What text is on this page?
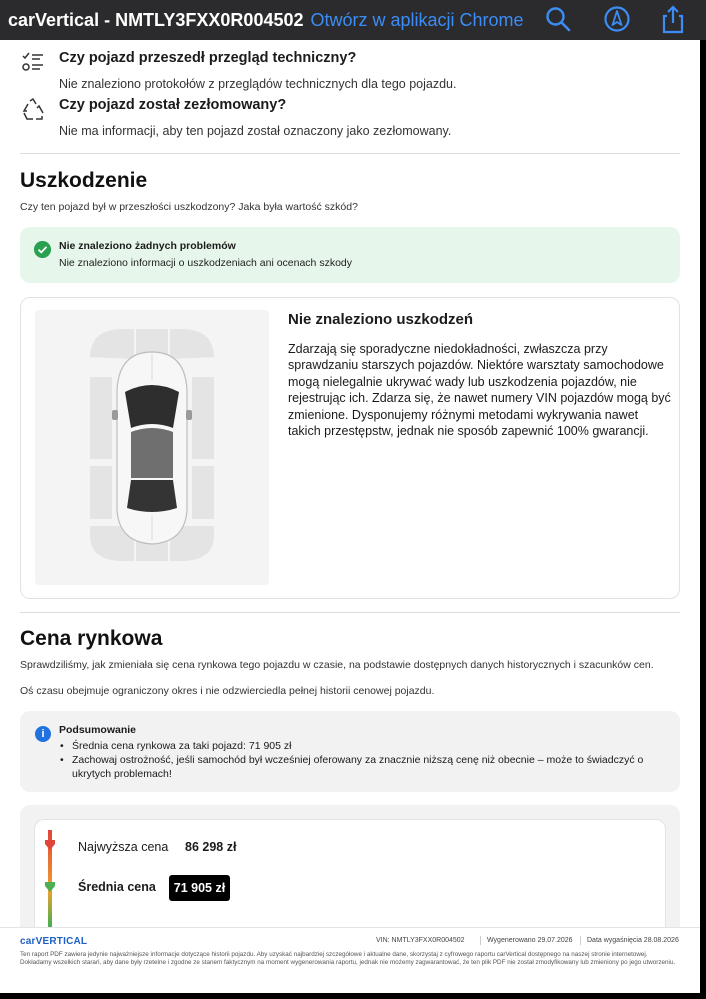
carVertical - NMTLY3FXX0R004502 Otwórz w aplikacji Chrome
Czy pojazd przeszedł przegląd techniczny?
Nie znaleziono protokołów z przeglądów technicznych dla tego pojazdu.
Czy pojazd został zezłomowany?
Nie ma informacji, aby ten pojazd został oznaczony jako zezłomowany.
Uszkodzenie
Czy ten pojazd był w przeszłości uszkodzony? Jaka była wartość szkód?
Nie znaleziono żadnych problemów
Nie znaleziono informacji o uszkodzeniach ani ocenach szkody
Nie znaleziono uszkodzeń
Zdarzają się sporadyczne niedokładności, zwłaszcza przy sprawdzaniu starszych pojazdów. Niektóre warsztaty samochodowe mogą nielegalnie ukrywać wady lub uszkodzenia pojazdów, nie rejestrując ich. Zdarza się, że nawet numery VIN pojazdów mogą być zmienione. Dysponujemy różnymi metodami wykrywania nawet takich przestępstw, jednak nie sposób zapewnić 100% gwarancji.
Cena rynkowa
Sprawdziliśmy, jak zmieniała się cena rynkowa tego pojazdu w czasie, na podstawie dostępnych danych historycznych i szacunków cen.
Oś czasu obejmuje ograniczony okres i nie odzwierciedla pełnej historii cenowej pojazdu.
i	Podsumowanie
• Średnia cena rynkowa za taki pojazd: 71 905 zł
• Zachowaj ostrożność, jeśli samochód był wcześniej oferowany za znacznie niższą cenę niż obecnie – może to świadczyć o ukrytych problemach!
Najwyższa cena 86 298 zł
Średnia cena	71 905 zł
carVERTICAL	VIN: NMTLY3FXX0R004502	Wygenerowano 29.07.2026 Data wygaśnięcia 28.08.2026
Ten raport PDF zawiera jedynie najważniejsze informacje dotyczące historii pojazdu. Aby uzyskać najbardziej szczegółowe i aktualne dane, skorzystaj z cyfrowego raportu carVertical dostępnego na naszej stronie internetowej. Dokładamy wszelkich starań, aby dane były rzetelne i zgodne ze stanem faktycznym na moment wygenerowania raportu, jednak nie możemy zagwarantować, że ten plik PDF nie został zmodyfikowany lub zmieniony po jego utworzeniu.
